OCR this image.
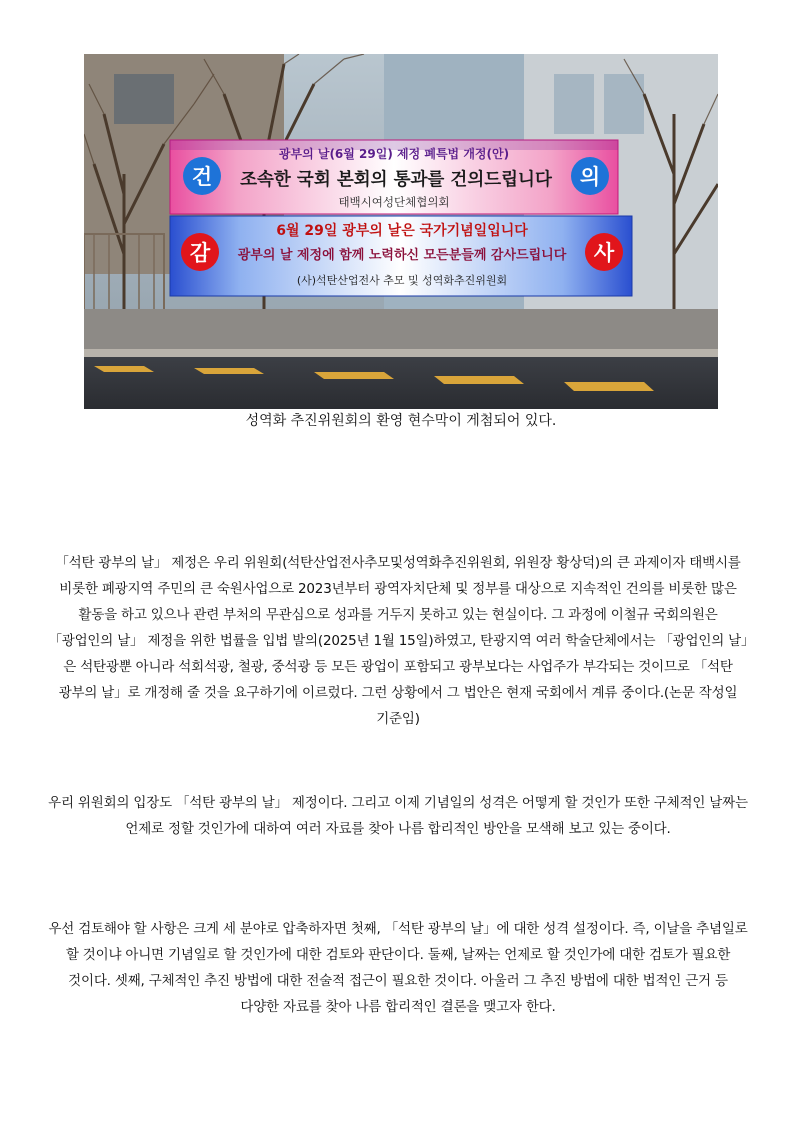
건	의
광부의 날(6월 29일) 제정 폐특법 개정(안)
조속한 국회 본회의 통과를 건의드립니다
태백시여성단체협의회
감	사
6월 29일 광부의 날은 국가기념일입니다
광부의 날 제정에 함께 노력하신 모든분들께 감사드립니다
(사)석탄산업전사 추모 및 성역화추진위원회
성역화 추진위원회의 환영 현수막이 게첨되어 있다.

「석탄 광부의 날」 제정은 우리 위원회(석탄산업전사추모및성역화추진위원회, 위원장 황상덕)의 큰 과제이자 태백시를 비롯한 폐광지역 주민의 큰 숙원사업으로 2023년부터 광역자치단체 및 정부를 대상으로 지속적인 건의를 비롯한 많은 활동을 하고 있으나 관련 부처의 무관심으로 성과를 거두지 못하고 있는 현실이다. 그 과정에 이철규 국회의원은 「광업인의 날」 제정을 위한 법률을 입법 발의(2025년 1월 15일)하였고, 탄광지역 여러 학술단체에서는 「광업인의 날」은 석탄광뿐 아니라 석회석광, 철광, 중석광 등 모든 광업이 포함되고 광부보다는 사업주가 부각되는 것이므로 「석탄 광부의 날」로 개정해 줄 것을 요구하기에 이르렀다. 그런 상황에서 그 법안은 현재 국회에서 계류 중이다.(논문 작성일 기준임)

우리 위원회의 입장도 「석탄 광부의 날」 제정이다. 그리고 이제 기념일의 성격은 어떻게 할 것인가 또한 구체적인 날짜는 언제로 정할 것인가에 대하여 여러 자료를 찾아 나름 합리적인 방안을 모색해 보고 있는 중이다.

우선 검토해야 할 사항은 크게 세 분야로 압축하자면 첫째, 「석탄 광부의 날」에 대한 성격 설정이다. 즉, 이날을 추념일로 할 것이냐 아니면 기념일로 할 것인가에 대한 검토와 판단이다. 둘째, 날짜는 언제로 할 것인가에 대한 검토가 필요한 것이다. 셋째, 구체적인 추진 방법에 대한 전술적 접근이 필요한 것이다. 아울러 그 추진 방법에 대한 법적인 근거 등 다양한 자료를 찾아 나름 합리적인 결론을 맺고자 한다.
